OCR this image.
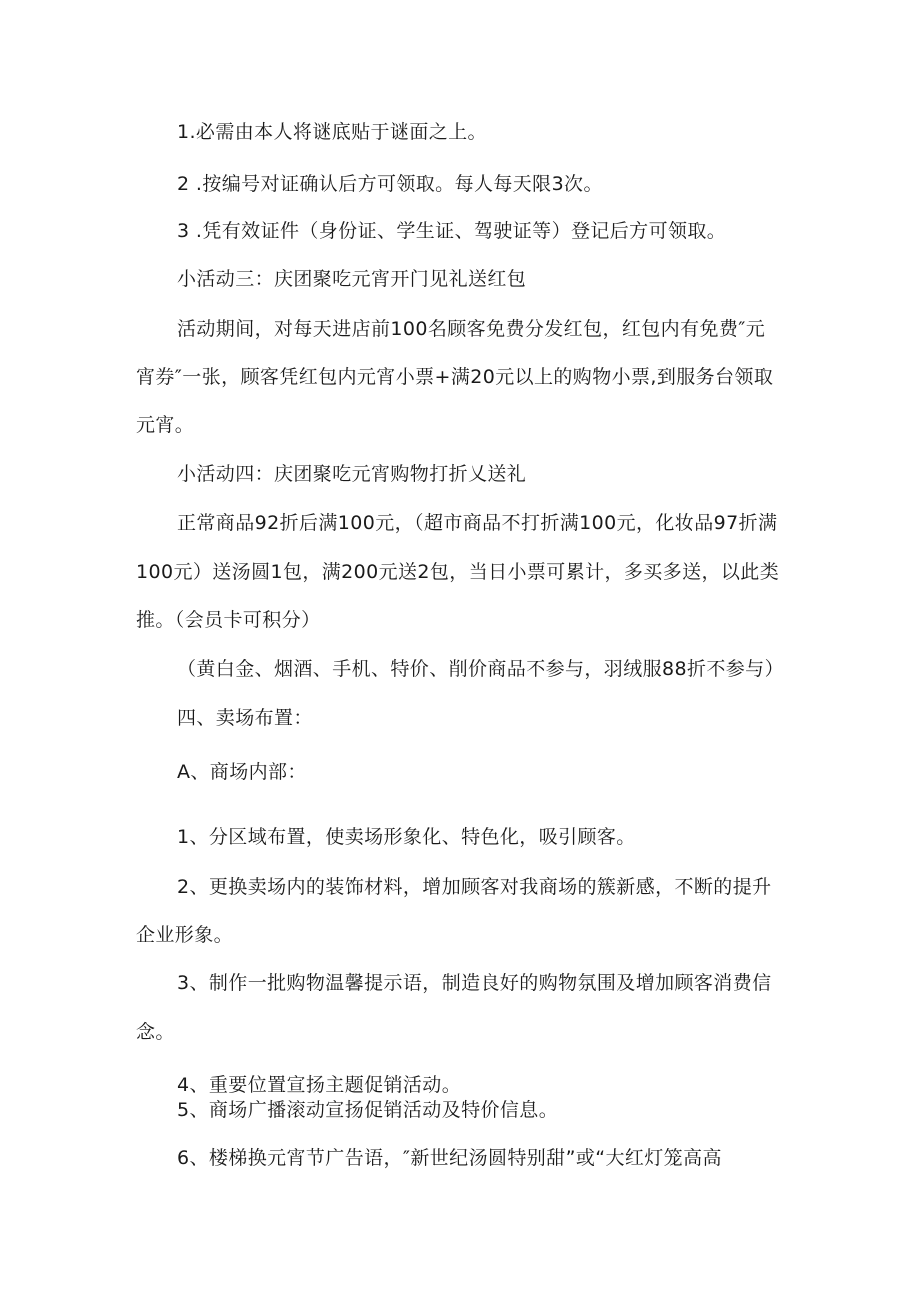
1.必需由本人将谜底贴于谜面之上。
2 .按编号对证确认后方可领取。每人每天限3次。
3 .凭有效证件（身份证、学生证、驾驶证等）登记后方可领取。
小活动三：庆团聚吃元宵开门见礼送红包
活动期间，对每天进店前100名顾客免费分发红包，红包内有免费″元
宵券″一张，顾客凭红包内元宵小票+满20元以上的购物小票,到服务台领取
元宵。
小活动四：庆团聚吃元宵购物打折乂送礼
正常商品92折后满100元，（超市商品不打折满100元，化妆品97折满
100元）送汤圆1包，满200元送2包，当日小票可累计，多买多送，以此类
推。（会员卡可积分）
（黄白金、烟酒、手机、特价、削价商品不参与，羽绒服88折不参与）
四、卖场布置：
A、商场内部：
1、分区域布置，使卖场形象化、特色化，吸引顾客。
2、更换卖场内的装饰材料，增加顾客对我商场的簇新感，不断的提升
企业形象。
3、制作一批购物温馨提示语，制造良好的购物氛围及增加顾客消费信
念。
4、重要位置宣扬主题促销活动。
5、商场广播滚动宣扬促销活动及特价信息。
6、楼梯换元宵节广告语，″新世纪汤圆特别甜”或“大红灯笼高高
